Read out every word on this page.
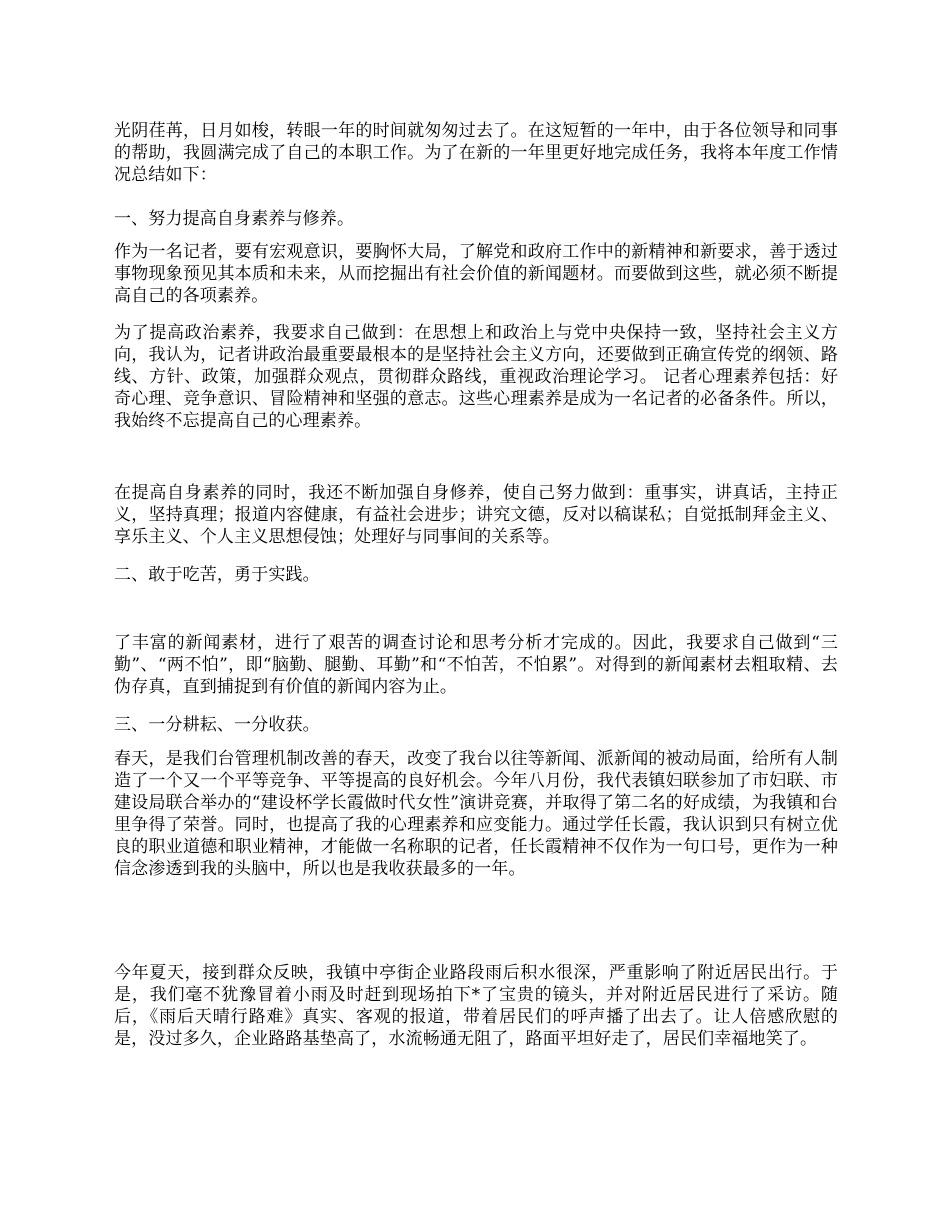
光阴荏苒，日月如梭，转眼一年的时间就匆匆过去了。在这短暂的一年中，由于各位领导和同事的帮助，我圆满完成了自己的本职工作。为了在新的一年里更好地完成任务，我将本年度工作情况总结如下：

一、努力提高自身素养与修养。

作为一名记者，要有宏观意识，要胸怀大局，了解党和政府工作中的新精神和新要求，善于透过事物现象预见其本质和未来，从而挖掘出有社会价值的新闻题材。而要做到这些，就必须不断提高自己的各项素养。

为了提高政治素养，我要求自己做到：在思想上和政治上与党中央保持一致，坚持社会主义方向，我认为，记者讲政治最重要最根本的是坚持社会主义方向，还要做到正确宣传党的纲领、路线、方针、政策，加强群众观点，贯彻群众路线，重视政治理论学习。 记者心理素养包括：好奇心理、竞争意识、冒险精神和坚强的意志。这些心理素养是成为一名记者的必备条件。所以，我始终不忘提高自己的心理素养。

在提高自身素养的同时，我还不断加强自身修养，使自己努力做到：重事实，讲真话，主持正义，坚持真理；报道内容健康，有益社会进步；讲究文德，反对以稿谋私；自觉抵制拜金主义、享乐主义、个人主义思想侵蚀；处理好与同事间的关系等。

二、敢于吃苦，勇于实践。

了丰富的新闻素材，进行了艰苦的调查讨论和思考分析才完成的。因此，我要求自己做到“三勤”、“两不怕”，即“脑勤、腿勤、耳勤”和“不怕苦，不怕累”。对得到的新闻素材去粗取精、去伪存真，直到捕捉到有价值的新闻内容为止。

三、一分耕耘、一分收获。

春天，是我们台管理机制改善的春天，改变了我台以往等新闻、派新闻的被动局面，给所有人制造了一个又一个平等竞争、平等提高的良好机会。今年八月份，我代表镇妇联参加了市妇联、市建设局联合举办的“建设杯学长霞做时代女性”演讲竞赛，并取得了第二名的好成绩，为我镇和台里争得了荣誉。同时，也提高了我的心理素养和应变能力。通过学任长霞，我认识到只有树立优良的职业道德和职业精神，才能做一名称职的记者，任长霞精神不仅作为一句口号，更作为一种信念渗透到我的头脑中，所以也是我收获最多的一年。

今年夏天，接到群众反映，我镇中亭街企业路段雨后积水很深，严重影响了附近居民出行。于是，我们毫不犹豫冒着小雨及时赶到现场拍下*了宝贵的镜头，并对附近居民进行了采访。随后，《雨后天晴行路难》真实、客观的报道，带着居民们的呼声播了出去了。让人倍感欣慰的是，没过多久，企业路路基垫高了，水流畅通无阻了，路面平坦好走了，居民们幸福地笑了。
